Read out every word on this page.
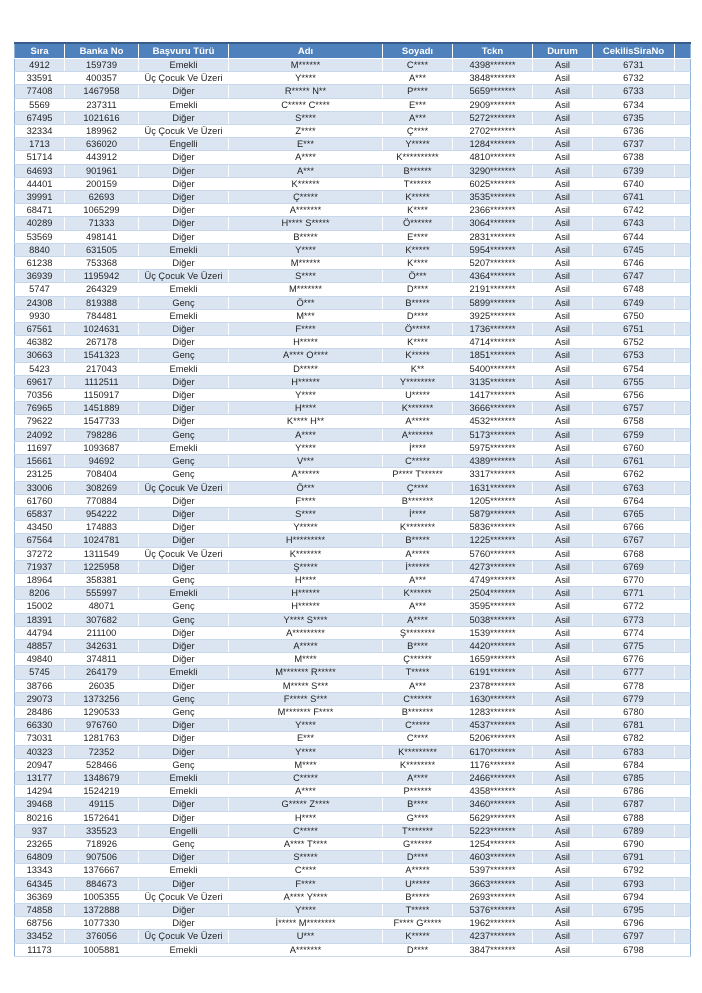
Sıra	Banka No	Başvuru Türü	Adı	Soyadı	Tckn	Durum	CekilisSiraNo	
4912	159739	Emekli	M******	C****	4398*******	Asil	6731	
33591	400357	Üç Çocuk Ve Üzeri	Y****	A***	3848*******	Asil	6732	
77408	1467958	Diğer	R***** N**	P****	5659*******	Asil	6733	
5569	237311	Emekli	C***** C****	E***	2909*******	Asil	6734	
67495	1021616	Diğer	S****	A***	5272*******	Asil	6735	
32334	189962	Üç Çocuk Ve Üzeri	Z****	Ç****	2702*******	Asil	6736	
1713	636020	Engelli	E***	Y*****	1284*******	Asil	6737	
51714	443912	Diğer	A****	K**********	4810*******	Asil	6738	
64693	901961	Diğer	A***	B******	3290*******	Asil	6739	
44401	200159	Diğer	K******	T******	6025*******	Asil	6740	
39991	62693	Diğer	Ç*****	K*****	3535*******	Asil	6741	
68471	1065299	Diğer	A*******	K****	2366*******	Asil	6742	
40289	71333	Diğer	H**** S*****	Ö******	3064*******	Asil	6743	
53569	498141	Diğer	B*****	E****	2831*******	Asil	6744	
8840	631505	Emekli	Y****	K*****	5954*******	Asil	6745	
61238	753368	Diğer	M******	K****	5207*******	Asil	6746	
36939	1195942	Üç Çocuk Ve Üzeri	S****	Ö***	4364*******	Asil	6747	
5747	264329	Emekli	M*******	D****	2191*******	Asil	6748	
24308	819388	Genç	Ö***	B*****	5899*******	Asil	6749	
9930	784481	Emekli	M***	D****	3925*******	Asil	6750	
67561	1024631	Diğer	F****	Ö*****	1736*******	Asil	6751	
46382	267178	Diğer	H*****	K****	4714*******	Asil	6752	
30663	1541323	Genç	A**** O****	K*****	1851*******	Asil	6753	
5423	217043	Emekli	D*****	K**	5400*******	Asil	6754	
69617	1112511	Diğer	H******	Y********	3135*******	Asil	6755	
70356	1150917	Diğer	Y****	U*****	1417*******	Asil	6756	
76965	1451889	Diğer	H****	K*******	3666*******	Asil	6757	
79622	1547733	Diğer	K**** H**	A*****	4532*******	Asil	6758	
24092	798286	Genç	A****	A*******	5173*******	Asil	6759	
11697	1093687	Emekli	Y****	İ****	5975*******	Asil	6760	
15661	94692	Genç	V***	C*****	4389*******	Asil	6761	
23125	708404	Genç	A******	P**** T******	3317*******	Asil	6762	
33006	308269	Üç Çocuk Ve Üzeri	Ö***	Ç****	1631*******	Asil	6763	
61760	770884	Diğer	F****	B*******	1205*******	Asil	6764	
65837	954222	Diğer	S****	İ****	5879*******	Asil	6765	
43450	174883	Diğer	Y*****	K********	5836*******	Asil	6766	
67564	1024781	Diğer	H*********	B*****	1225*******	Asil	6767	
37272	1311549	Üç Çocuk Ve Üzeri	K*******	A*****	5760*******	Asil	6768	
71937	1225958	Diğer	Ş*****	İ******	4273*******	Asil	6769	
18964	358381	Genç	H****	A***	4749*******	Asil	6770	
8206	555997	Emekli	H******	K******	2504*******	Asil	6771	
15002	48071	Genç	H******	A***	3595*******	Asil	6772	
18391	307682	Genç	Y**** S****	A****	5038*******	Asil	6773	
44794	211100	Diğer	A*********	Ş********	1539*******	Asil	6774	
48857	342631	Diğer	A*****	B****	4420*******	Asil	6775	
49840	374811	Diğer	M****	Ç******	1659*******	Asil	6776	
5745	264179	Emekli	M******* R*****	T*****	6191*******	Asil	6777	
38766	26035	Diğer	M***** S***	A***	2378*******	Asil	6778	
29073	1373256	Genç	F***** S***	C******	1630*******	Asil	6779	
28486	1290533	Genç	M******* F****	B*******	1283*******	Asil	6780	
66330	976760	Diğer	Y****	C*****	4537*******	Asil	6781	
73031	1281763	Diğer	E***	C****	5206*******	Asil	6782	
40323	72352	Diğer	Y****	K*********	6170*******	Asil	6783	
20947	528466	Genç	M****	K********	1176*******	Asil	6784	
13177	1348679	Emekli	C*****	A****	2466*******	Asil	6785	
14294	1524219	Emekli	A****	P******	4358*******	Asil	6786	
39468	49115	Diğer	G***** Z****	B****	3460*******	Asil	6787	
80216	1572641	Diğer	H****	G****	5629*******	Asil	6788	
937	335523	Engelli	C*****	T*******	5223*******	Asil	6789	
23265	718926	Genç	A**** T****	G******	1254*******	Asil	6790	
64809	907506	Diğer	S*****	D****	4603*******	Asil	6791	
13343	1376667	Emekli	C****	A*****	5397*******	Asil	6792	
64345	884673	Diğer	F****	U*****	3663*******	Asil	6793	
36369	1005355	Üç Çocuk Ve Üzeri	A**** Y****	B*****	2693*******	Asil	6794	
74858	1372888	Diğer	Y****	T*****	5376*******	Asil	6795	
68756	1077330	Diğer	İ***** M********	F**** G*****	1962*******	Asil	6796	
33452	376056	Üç Çocuk Ve Üzeri	U***	K*****	4237*******	Asil	6797	
11173	1005881	Emekli	A*******	D****	3847*******	Asil	6798	
